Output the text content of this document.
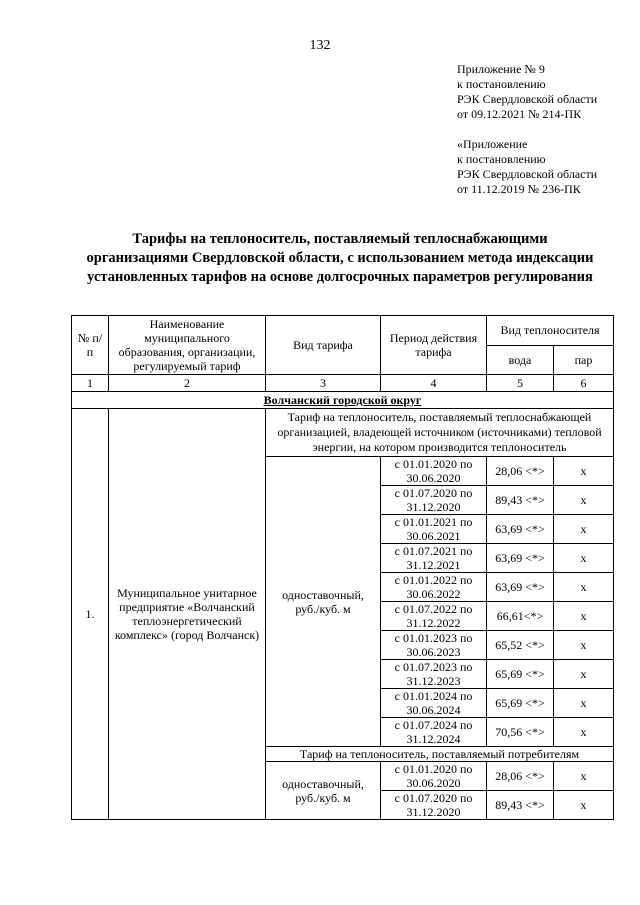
132
Приложение № 9
к постановлению
РЭК Свердловской области
от 09.12.2021 № 214-ПК
«Приложение
к постановлению
РЭК Свердловской области
от 11.12.2019 № 236-ПК
Тарифы на теплоноситель, поставляемый теплоснабжающими
организациями Свердловской области, с использованием метода индексации
установленных тарифов на основе долгосрочных параметров регулирования
№ п/п	Наименование муниципального образования, организации, регулируемый тариф	Вид тарифа	Период действия тарифа	Вид теплоносителя	
				вода	пар
1	2	3	4	5	6
Волчанский городской округ					
1.	Муниципальное унитарное предприятие «Волчанский теплоэнергетический комплекс» (город Волчанск)	Тариф на теплоноситель, поставляемый теплоснабжающей организацией, владеющей источником (источниками) тепловой энергии, на котором производится теплоноситель			
		одноставочный, руб./куб. м	с 01.01.2020 по 30.06.2020	28,06 <*>	x
			с 01.07.2020 по 31.12.2020	89,43 <*>	x
			с 01.01.2021 по 30.06.2021	63,69 <*>	x
			с 01.07.2021 по 31.12.2021	63,69 <*>	x
			с 01.01.2022 по 30.06.2022	63,69 <*>	x
			с 01.07.2022 по 31.12.2022	66,61<*>	x
			с 01.01.2023 по 30.06.2023	65,52 <*>	x
			с 01.07.2023 по 31.12.2023	65,69 <*>	x
			с 01.01.2024 по 30.06.2024	65,69 <*>	x
			с 01.07.2024 по 31.12.2024	70,56 <*>	x
		Тариф на теплоноситель, поставляемый потребителям			
		одноставочный, руб./куб. м	с 01.01.2020 по 30.06.2020	28,06 <*>	x
			с 01.07.2020 по 31.12.2020	89,43 <*>	x
